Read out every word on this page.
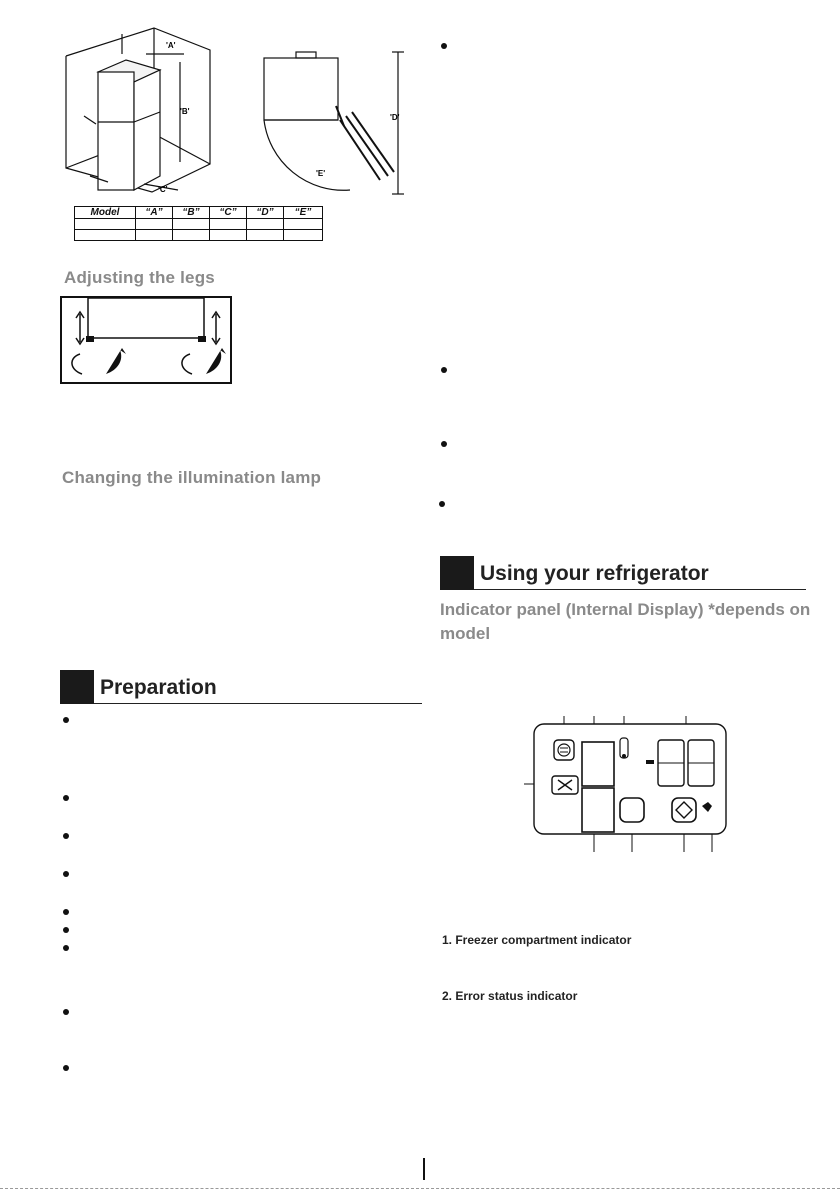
'A'
'B'
'C'
'D'
'E'
Model	“A”	“B”	“C”	“D”	“E”

Adjusting the legs
Changing the illumination lamp
Preparation
Using your refrigerator
Indicator panel (Internal Display) *depends on model
1. Freezer compartment indicator
2. Error status indicator
